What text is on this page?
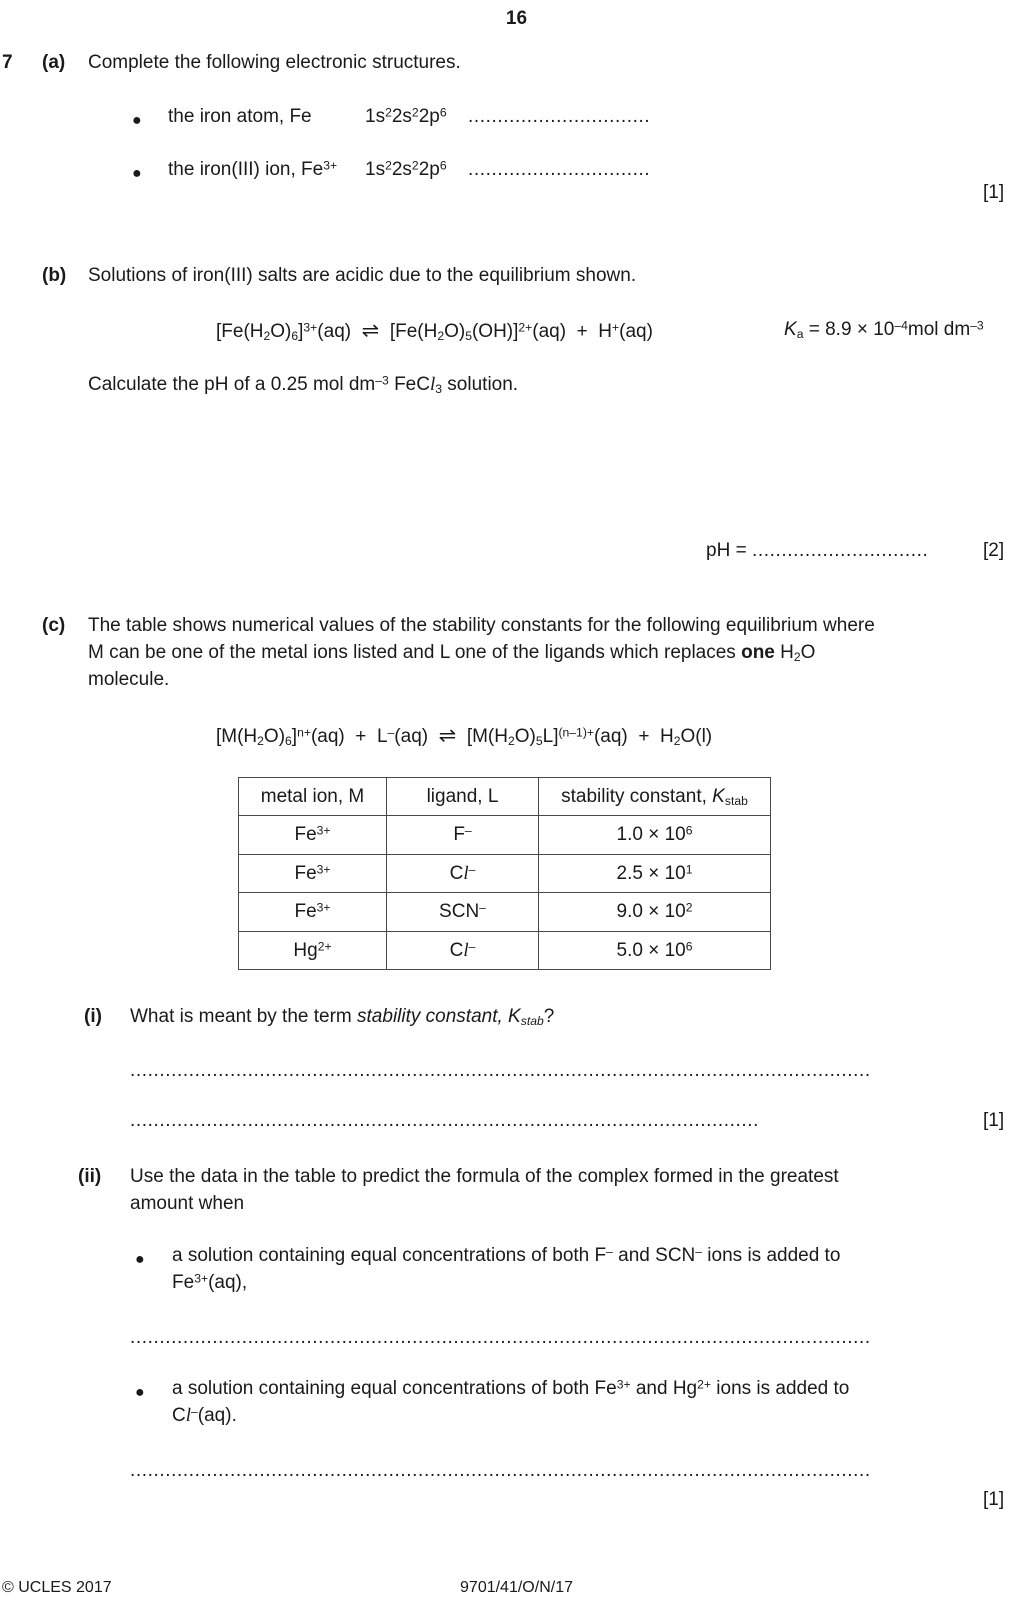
16
7 (a) Complete the following electronic structures.
● the iron atom, Fe	$1s^22s^22p^6$ ...............................
● the iron(III) ion, $Fe^{3+}$ $1s^22s^22p^6$ ...............................
[1]
(b) Solutions of iron(III) salts are acidic due to the equilibrium shown.
$[Fe(H_2O)_6]^{3+}(aq)$  ⇌  $[Fe(H_2O)_5(OH)]^{2+}(aq) + H^+(aq)$	$K_a = 8.9 \times 10^{-4}mol$ $dm^{-3}$
Calculate the pH of a 0.25 mol $dm^{-3}$ FeCl$_3$ solution.
pH = ..............................	[2]
(c) The table shows numerical values of the stability constants for the following equilibrium where
M can be one of the metal ions listed and L one of the ligands which replaces one $H_2O$
molecule.
$[M(H_2O)_6]^{n+}(aq) + L^-(aq)$  ⇌  $[M(H_2O)_5L]^{(n-1)+}(aq) + H_2O(l)$
metal ion, M	ligand, L	stability constant, $K_{stab}$
$Fe^{3+}$	F–	$1.0 \times 10^6$
$Fe^{3+}$	Cl–	$2.5 \times 10^1$
$Fe^{3+}$	SCN–	$9.0 \times 10^2$
$Hg^{2+}$	Cl–	$5.0 \times 10^6$
(i) What is meant by the term stability constant, $K_{stab}$?
..............................................................................................................................
...........................................................................................................	[1]
(ii) Use the data in the table to predict the formula of the complex formed in the greatest
amount when
● a solution containing equal concentrations of both F– and SCN– ions is added to
$Fe^{3+}(aq)$,
..............................................................................................................................
● a solution containing equal concentrations of both $Fe^{3+}$ and $Hg^{2+}$ ions is added to
Cl–(aq).
..............................................................................................................................
[1]
© UCLES 2017	9701/41/O/N/17
